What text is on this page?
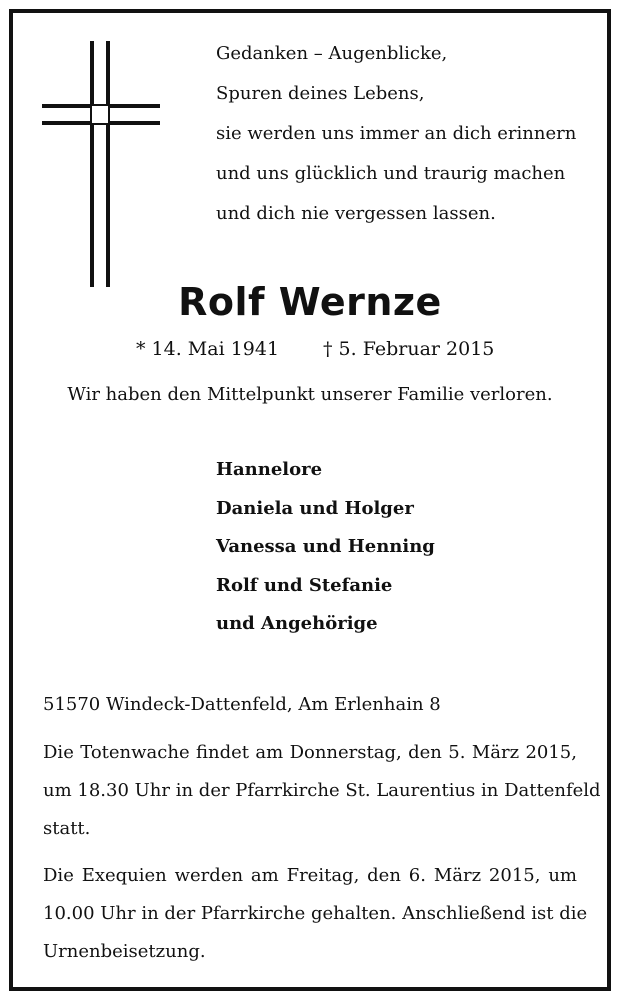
Gedanken – Augenblicke,
Spuren deines Lebens,
sie werden uns immer an dich erinnern
und uns glücklich und traurig machen
und dich nie vergessen lassen.
Rolf Wernze
* 14. Mai 1941 † 5. Februar 2015
Wir haben den Mittelpunkt unserer Familie verloren.
Hannelore
Daniela und Holger
Vanessa und Henning
Rolf und Stefanie
und Angehörige
51570 Windeck-Dattenfeld, Am Erlenhain 8
Die Totenwache findet am Donnerstag, den 5. März 2015,
um 18.30 Uhr in der Pfarrkirche St. Laurentius in Dattenfeld
statt.
Die Exequien werden am Freitag, den 6. März 2015, um
10.00 Uhr in der Pfarrkirche gehalten. Anschließend ist die
Urnenbeisetzung.
